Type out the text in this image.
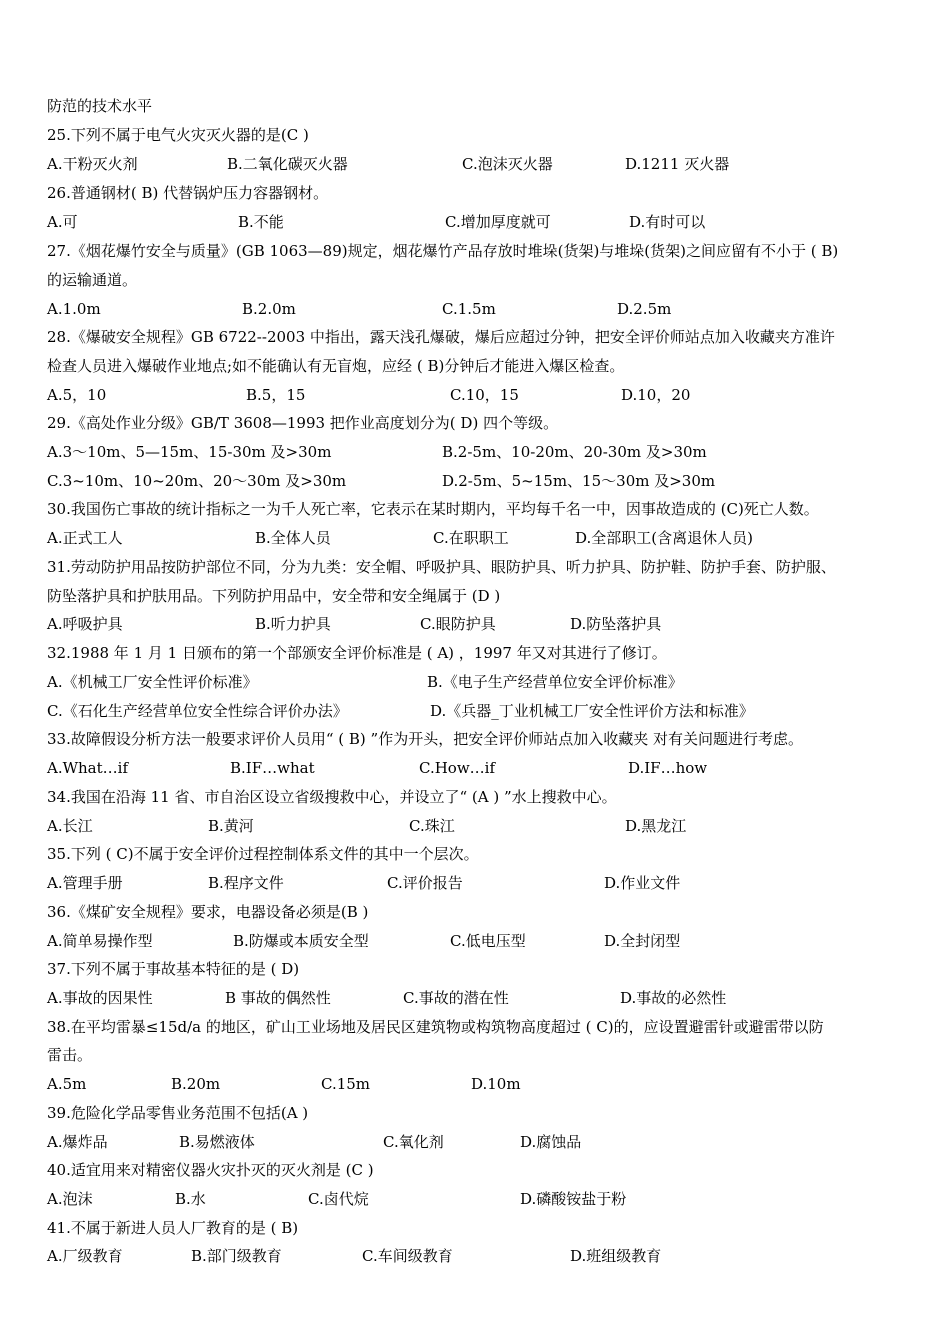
防范的技术水平
25.下列不属于电气火灾灭火器的是(C )
A.干粉灭火剂	B.二氧化碳灭火器	C.泡沫灭火器	D.1211 灭火器
26.普通钢材( B) 代替锅炉压力容器钢材。
A.可	B.不能	C.增加厚度就可	D.有时可以
27.《烟花爆竹安全与质量》(GB 1063—89)规定，烟花爆竹产品存放时堆垛(货架)与堆垛(货架)之间应留有不小于 ( B)
的运输通道。
A.1.0m	B.2.0m	C.1.5m	D.2.5m
28.《爆破安全规程》GB 6722--2003 中指出，露天浅孔爆破，爆后应超过分钟，把安全评价师站点加入收藏夹方准许
检查人员进入爆破作业地点;如不能确认有无盲炮，应经 ( B)分钟后才能进入爆区检查。
A.5，10	B.5，15	C.10，15	D.10，20
29.《高处作业分级》GB/T 3608—1993 把作业高度划分为( D) 四个等级。
A.3～10m、5—15m、15-30m 及>30m	B.2-5m、10-20m、20-30m 及>30m
C.3~10m、10~20m、20～30m 及>30m	D.2-5m、5~15m、15～30m 及>30m
30.我国伤亡事故的统计指标之一为千人死亡率，它表示在某时期内，平均每千名一中，因事故造成的 (C)死亡人数。
A.正式工人	B.全体人员	C.在职职工	D.全部职工(含离退休人员)
31.劳动防护用品按防护部位不同，分为九类：安全帽、呼吸护具、眼防护具、听力护具、防护鞋、防护手套、防护服、
防坠落护具和护肤用品。下列防护用品中，安全带和安全绳属于 (D )
A.呼吸护具	B.听力护具	C.眼防护具	D.防坠落护具
32.1988 年 1 月 1 日颁布的第一个部颁安全评价标准是 ( A) ，1997 年又对其进行了修订。
A.《机械工厂安全性评价标准》	B.《电子生产经营单位安全评价标准》
C.《石化生产经营单位安全性综合评价办法》	D.《兵器_丁业机械工厂安全性评价方法和标准》
33.故障假设分析方法一般要求评价人员用“ ( B) ”作为开头，把安全评价师站点加入收藏夹 对有关问题进行考虑。
A.What…if	B.IF…what	C.How…if	D.IF…how
34.我国在沿海 11 省、市自治区设立省级搜救中心，并设立了“ (A ) ”水上搜救中心。
A.长江	B.黄河	C.珠江	D.黑龙江
35.下列 ( C)不属于安全评价过程控制体系文件的其中一个层次。
A.管理手册	B.程序文件	C.评价报告	D.作业文件
36.《煤矿安全规程》要求，电器设备必须是(B )
A.简单易操作型	B.防爆或本质安全型	C.低电压型	D.全封闭型
37.下列不属于事故基本特征的是 ( D)
A.事故的因果性	B 事故的偶然性	C.事故的潜在性	D.事故的必然性
38.在平均雷暴≤15d/a 的地区，矿山工业场地及居民区建筑物或构筑物高度超过 ( C)的，应设置避雷针或避雷带以防
雷击。
A.5m	B.20m	C.15m	D.10m
39.危险化学品零售业务范围不包括(A )
A.爆炸品	B.易燃液体	C.氧化剂	D.腐蚀品
40.适宜用来对精密仪器火灾扑灭的灭火剂是 (C )
A.泡沫	B.水	C.卤代烷	D.磷酸铵盐于粉
41.不属于新进人员人厂教育的是 ( B)
A.厂级教育	B.部门级教育	C.车间级教育	D.班组级教育
